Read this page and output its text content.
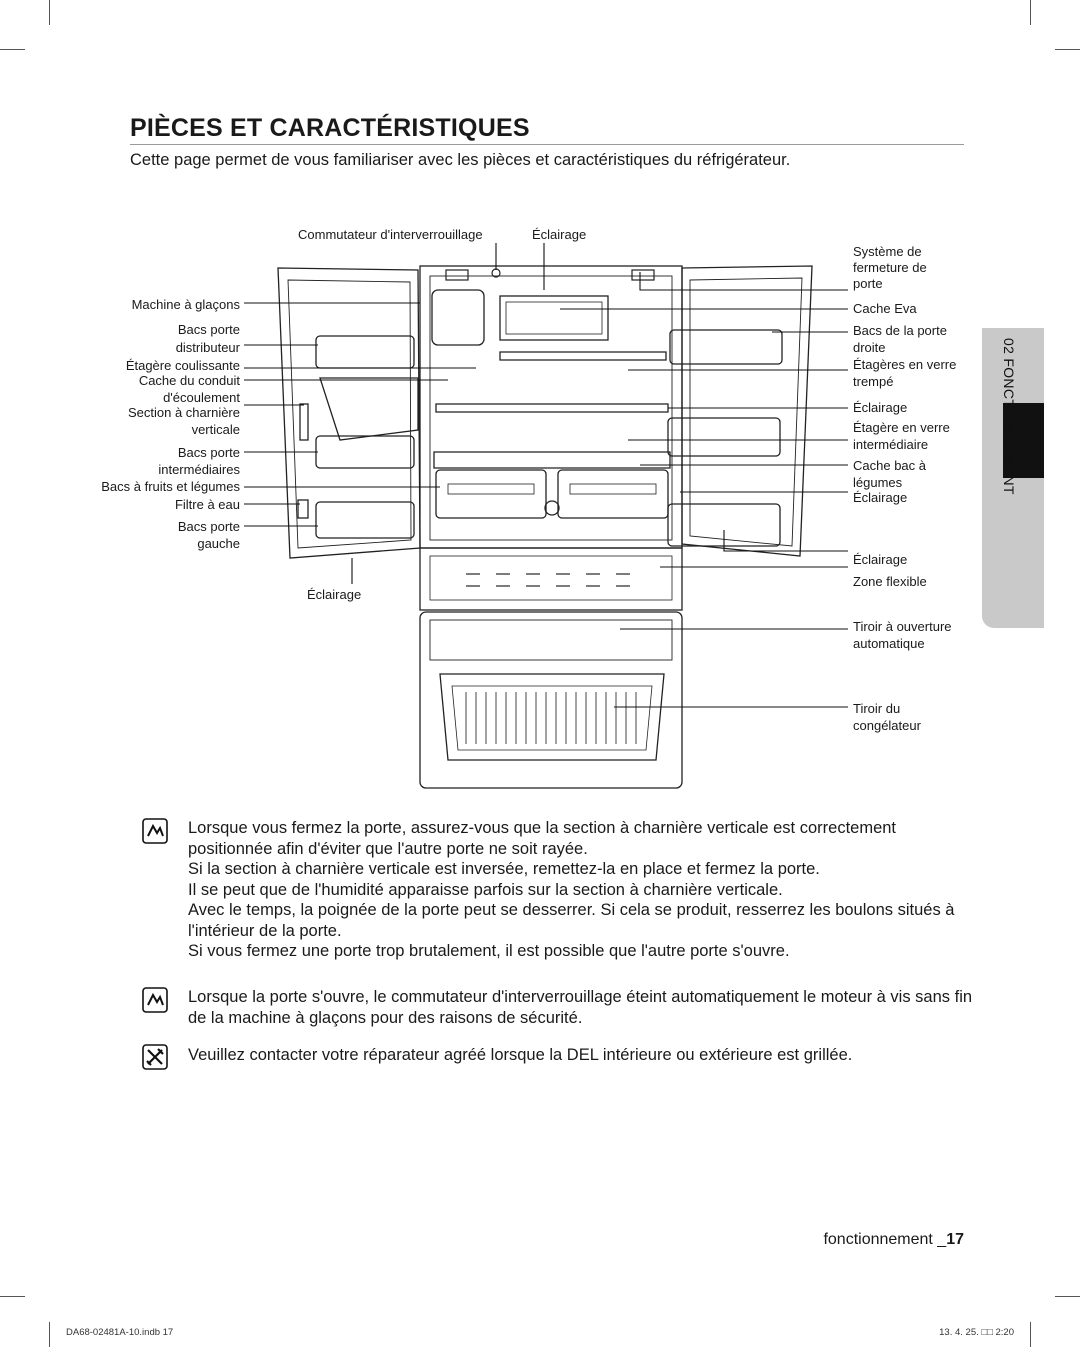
PIÈCES ET CARACTÉRISTIQUES
Cette page permet de vous familiariser avec les pièces et caractéristiques du réfrigérateur.
02 FONCTIONNEMENT
Commutateur d'interverrouillage	Éclairage
Machine à glaçons
Bacs porte
distributeur
Étagère coulissante
Cache du conduit
d'écoulement
Section à charnière
verticale
Bacs porte
intermédiaires
Bacs à fruits et légumes
Filtre à eau
Bacs porte
gauche
Éclairage
Système de
fermeture de
porte
Cache Eva
Bacs de la porte
droite
Étagères en verre
trempé
Éclairage
Étagère en verre
intermédiaire
Cache bac à
légumes
Éclairage
Éclairage
Zone flexible
Tiroir à ouverture
automatique
Tiroir du
congélateur

Lorsque vous fermez la porte, assurez-vous que la section à charnière verticale est correctement positionnée afin d'éviter que l'autre porte ne soit rayée.

Si la section à charnière verticale est inversée, remettez-la en place et fermez la porte.

Il se peut que de l'humidité apparaisse parfois sur la section à charnière verticale.

Avec le temps, la poignée de la porte peut se desserrer. Si cela se produit, resserrez les boulons situés à l'intérieur de la porte.

Si vous fermez une porte trop brutalement, il est possible que l'autre porte s'ouvre.

Lorsque la porte s'ouvre, le commutateur d'interverrouillage éteint automatiquement le moteur à vis sans fin de la machine à glaçons pour des raisons de sécurité.

Veuillez contacter votre réparateur agréé lorsque la DEL intérieure ou extérieure est grillée.

fonctionnement _17
DA68-02481A-10.indb 17	13. 4. 25. □□ 2:20
